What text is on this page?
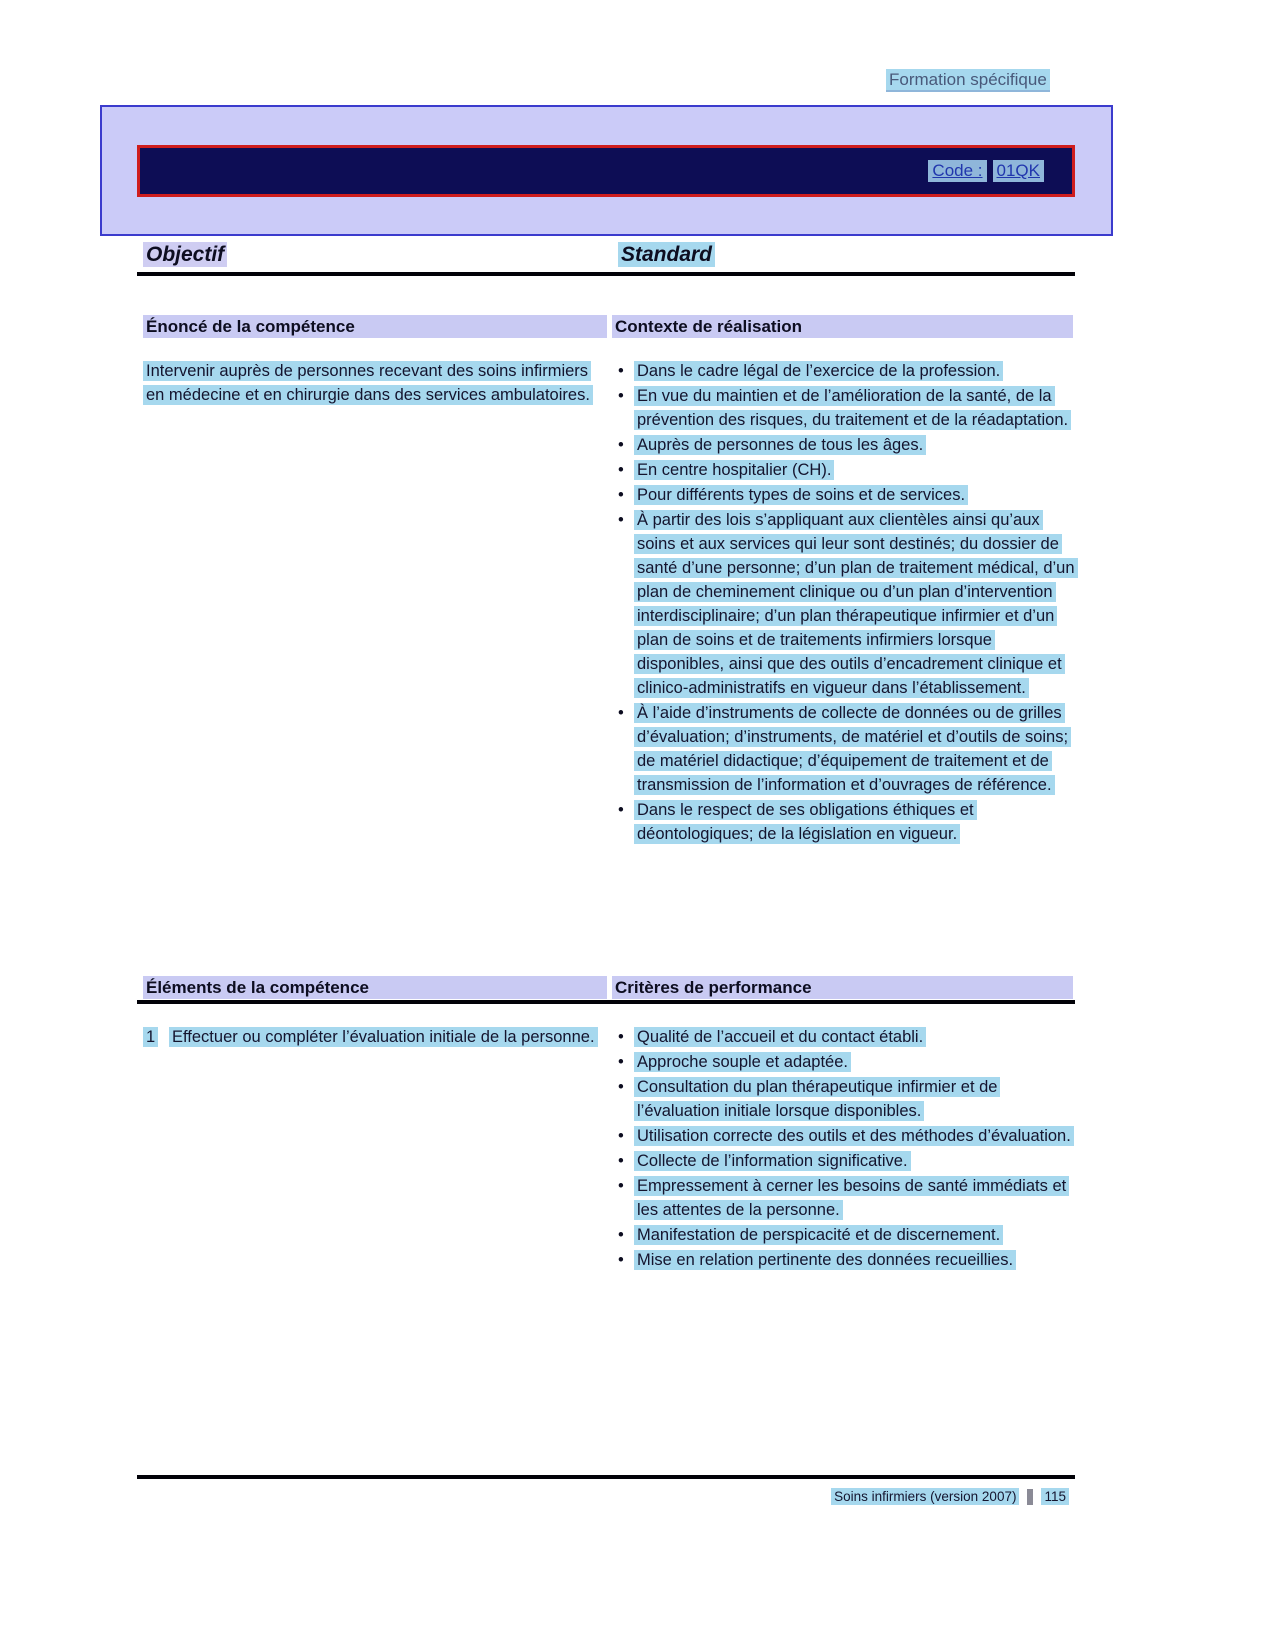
Formation spécifique
Code : 01QK
Objectif	Standard
Énoncé de la compétence	Contexte de réalisation
Intervenir auprès de personnes recevant des soins infirmiers en médecine et en chirurgie dans des services ambulatoires.
• Dans le cadre légal de l’exercice de la profession.
• En vue du maintien et de l’amélioration de la santé, de la prévention des risques, du traitement et de la réadaptation.
• Auprès de personnes de tous les âges.
• En centre hospitalier (CH).
• Pour différents types de soins et de services.
• À partir des lois s’appliquant aux clientèles ainsi qu’aux soins et aux services qui leur sont destinés; du dossier de santé d’une personne; d’un plan de traitement médical, d’un plan de cheminement clinique ou d’un plan d’intervention interdisciplinaire; d’un plan thérapeutique infirmier et d’un plan de soins et de traitements infirmiers lorsque disponibles, ainsi que des outils d’encadrement clinique et clinico-administratifs en vigueur dans l’établissement.
• À l’aide d’instruments de collecte de données ou de grilles d’évaluation; d’instruments, de matériel et d’outils de soins; de matériel didactique; d’équipement de traitement et de transmission de l’information et d’ouvrages de référence.
• Dans le respect de ses obligations éthiques et déontologiques; de la législation en vigueur.
Éléments de la compétence	Critères de performance
1	Effectuer ou compléter l’évaluation initiale de la personne.	• Qualité de l’accueil et du contact établi.
• Approche souple et adaptée.
• Consultation du plan thérapeutique infirmier et de l’évaluation initiale lorsque disponibles.
• Utilisation correcte des outils et des méthodes d’évaluation.
• Collecte de l’information significative.
• Empressement à cerner les besoins de santé immédiats et les attentes de la personne.
• Manifestation de perspicacité et de discernement.
• Mise en relation pertinente des données recueillies.
Soins infirmiers (version 2007) 115
